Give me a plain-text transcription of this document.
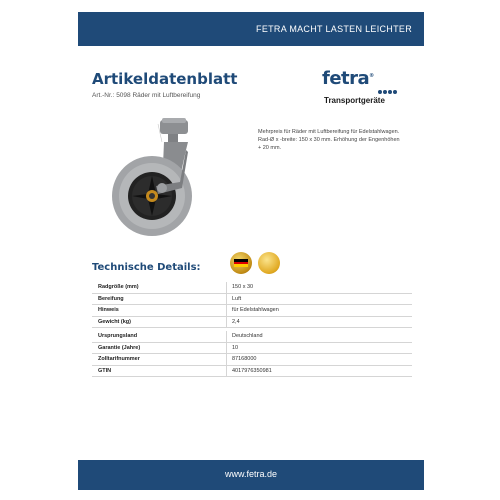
FETRA MACHT LASTEN LEICHTER
Artikeldatenblatt
Art.-Nr.: 5098 Räder mit Luftbereifung
fetra®
Transportgeräte
Mehrpreis für Räder mit Luftbereifung für Edelstahlwagen.
Rad-Ø x -breite: 150 x 30 mm. Erhöhung der Engenhöhen
+ 20 mm.
Technische Details:
Radgröße (mm)	150 x 30
Bereifung	Luft
Hinweis	für Edelstahlwagen
Gewicht (kg)	2,4
Ursprungsland	Deutschland
Garantie (Jahre)	10
Zolltarifnummer	87168000
GTIN	4017976350981
www.fetra.de
